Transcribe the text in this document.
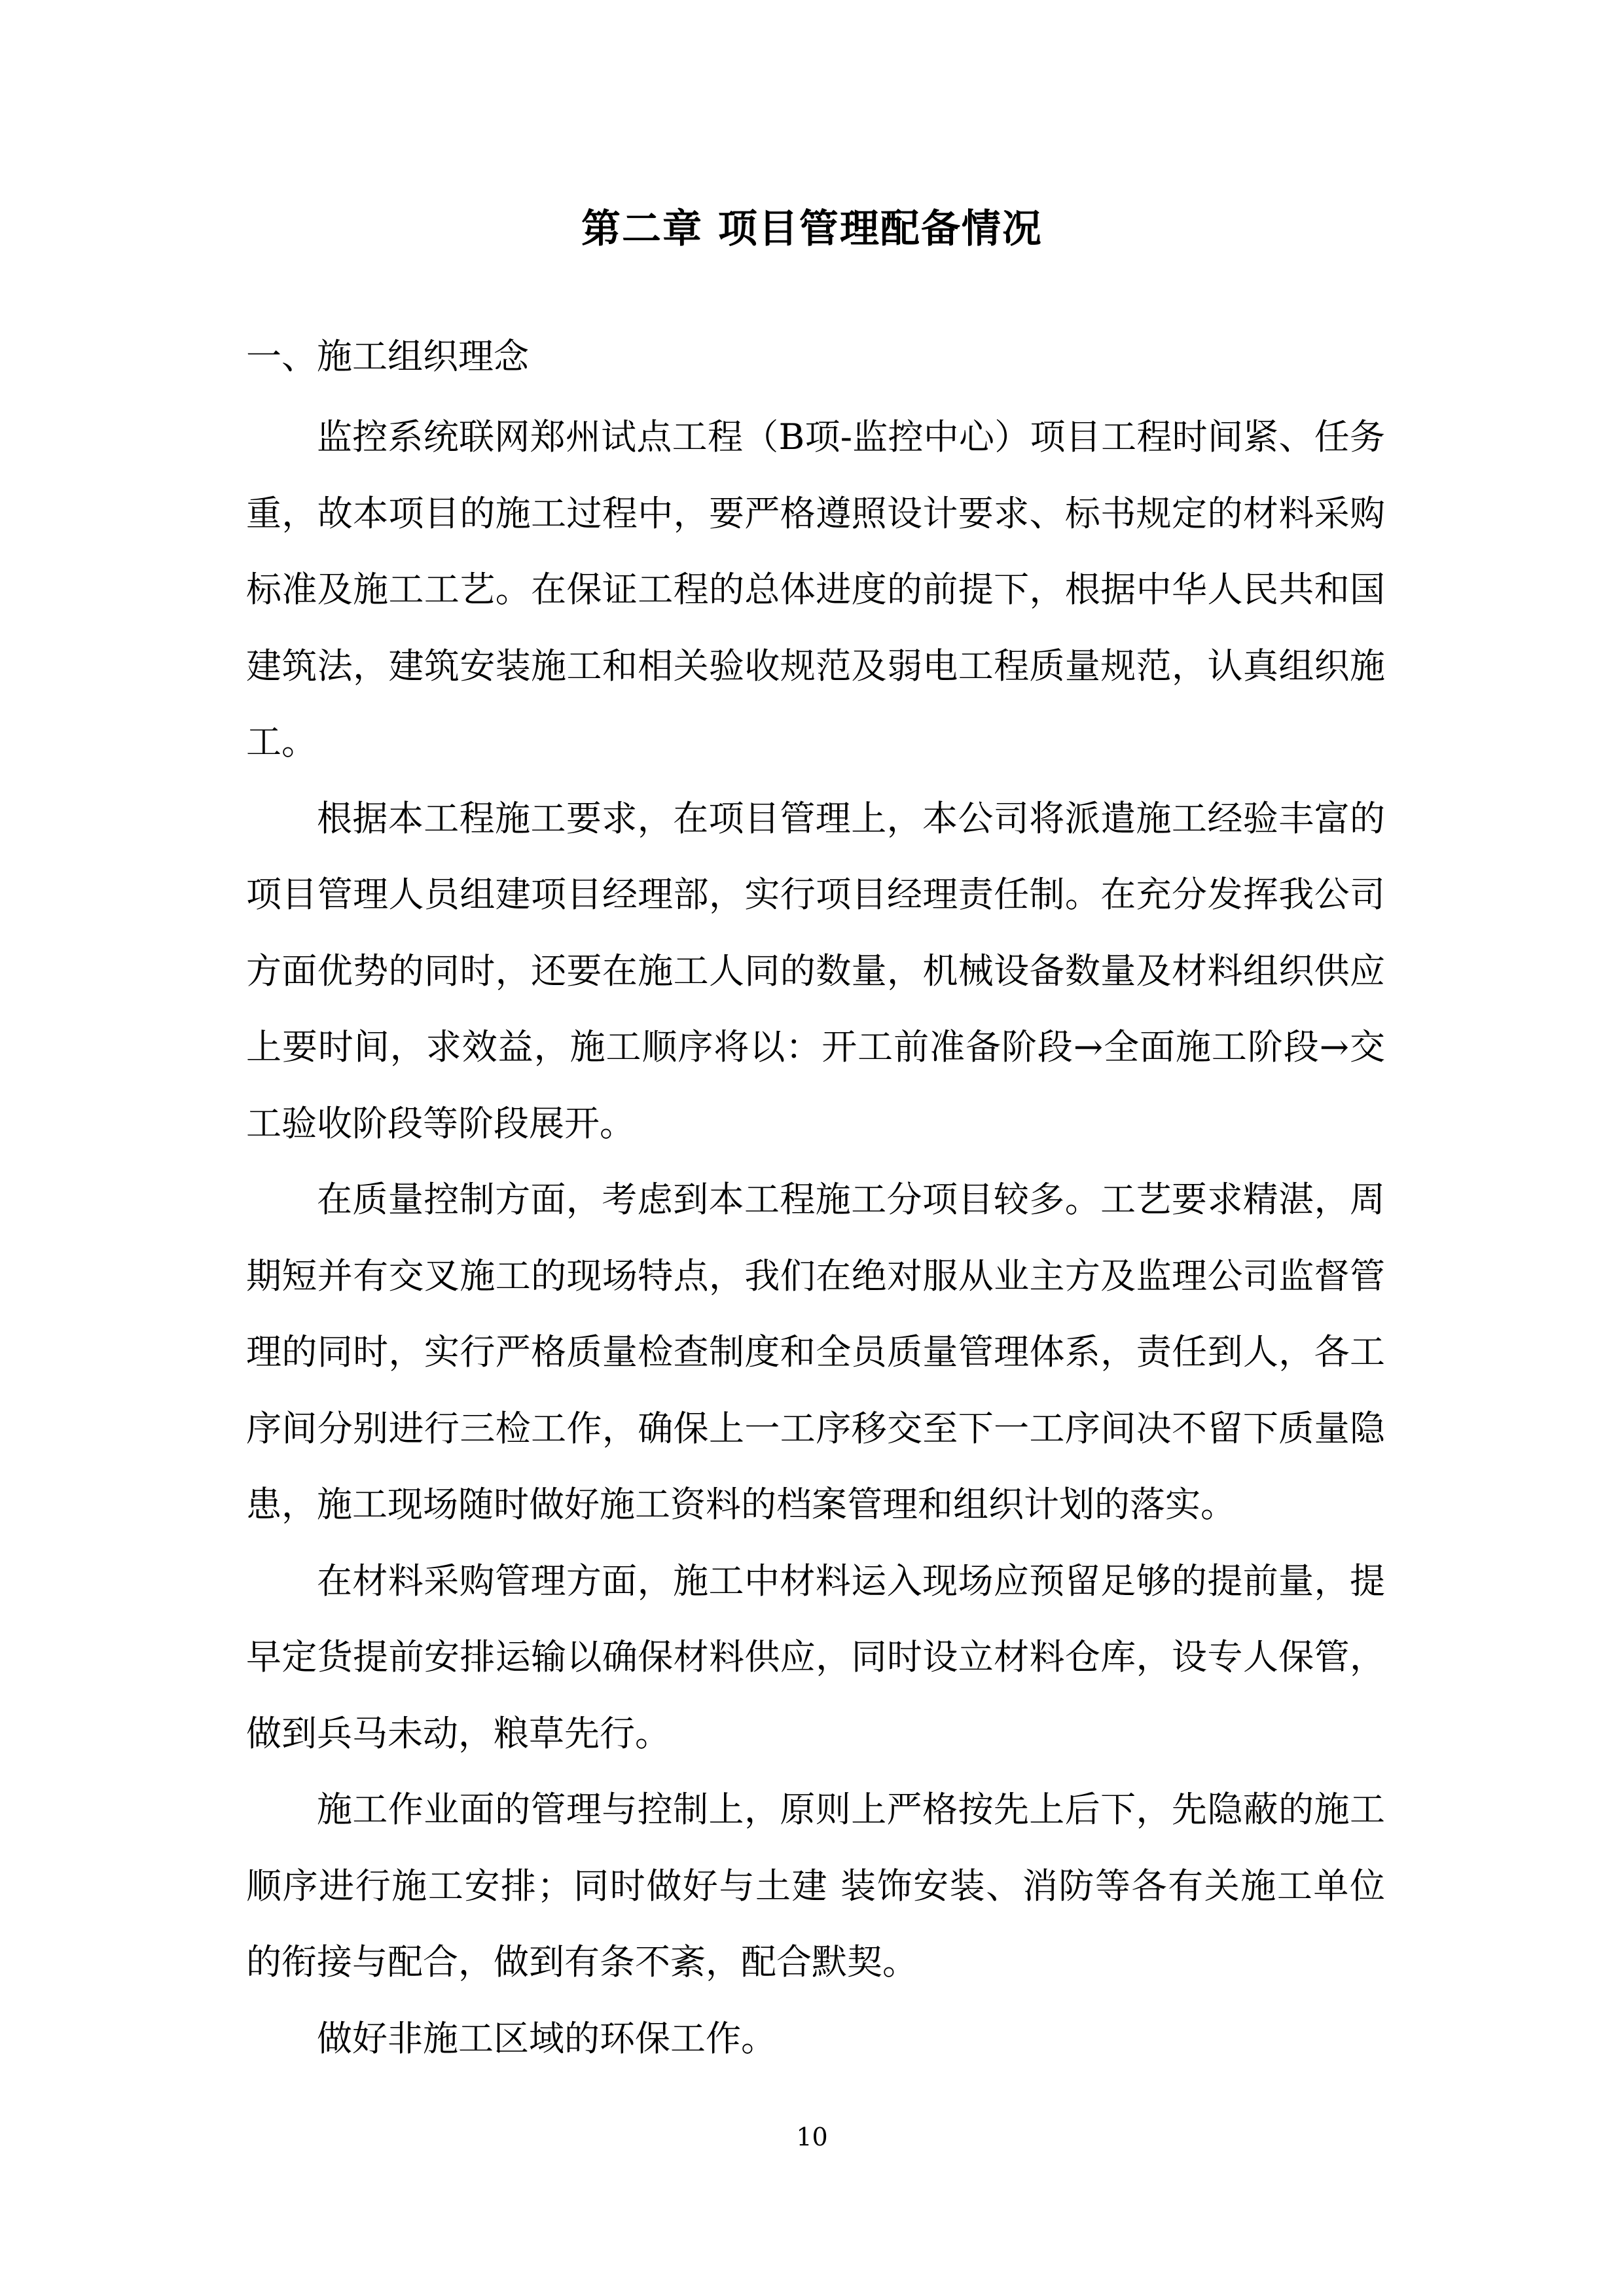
第二章 项目管理配备情况
一、施工组织理念

监控系统联网郑州试点工程（B项-监控中心）项目工程时间紧、任务重，故本项目的施工过程中，要严格遵照设计要求、标书规定的材料采购标准及施工工艺。在保证工程的总体进度的前提下，根据中华人民共和国建筑法，建筑安装施工和相关验收规范及弱电工程质量规范，认真组织施工。

根据本工程施工要求，在项目管理上，本公司将派遣施工经验丰富的项目管理人员组建项目经理部，实行项目经理责任制。在充分发挥我公司方面优势的同时，还要在施工人同的数量，机械设备数量及材料组织供应上要时间，求效益，施工顺序将以：开工前准备阶段→全面施工阶段→交工验收阶段等阶段展开。

在质量控制方面，考虑到本工程施工分项目较多。工艺要求精湛，周期短并有交叉施工的现场特点，我们在绝对服从业主方及监理公司监督管理的同时，实行严格质量检查制度和全员质量管理体系，责任到人，各工序间分别进行三检工作，确保上一工序移交至下一工序间决不留下质量隐患，施工现场随时做好施工资料的档案管理和组织计划的落实。

在材料采购管理方面，施工中材料运入现场应预留足够的提前量，提早定货提前安排运输以确保材料供应，同时设立材料仓库，设专人保管，做到兵马未动，粮草先行。

施工作业面的管理与控制上，原则上严格按先上后下，先隐蔽的施工顺序进行施工安排；同时做好与土建 装饰安装、消防等各有关施工单位的衔接与配合，做到有条不紊，配合默契。

做好非施工区域的环保工作。

10
